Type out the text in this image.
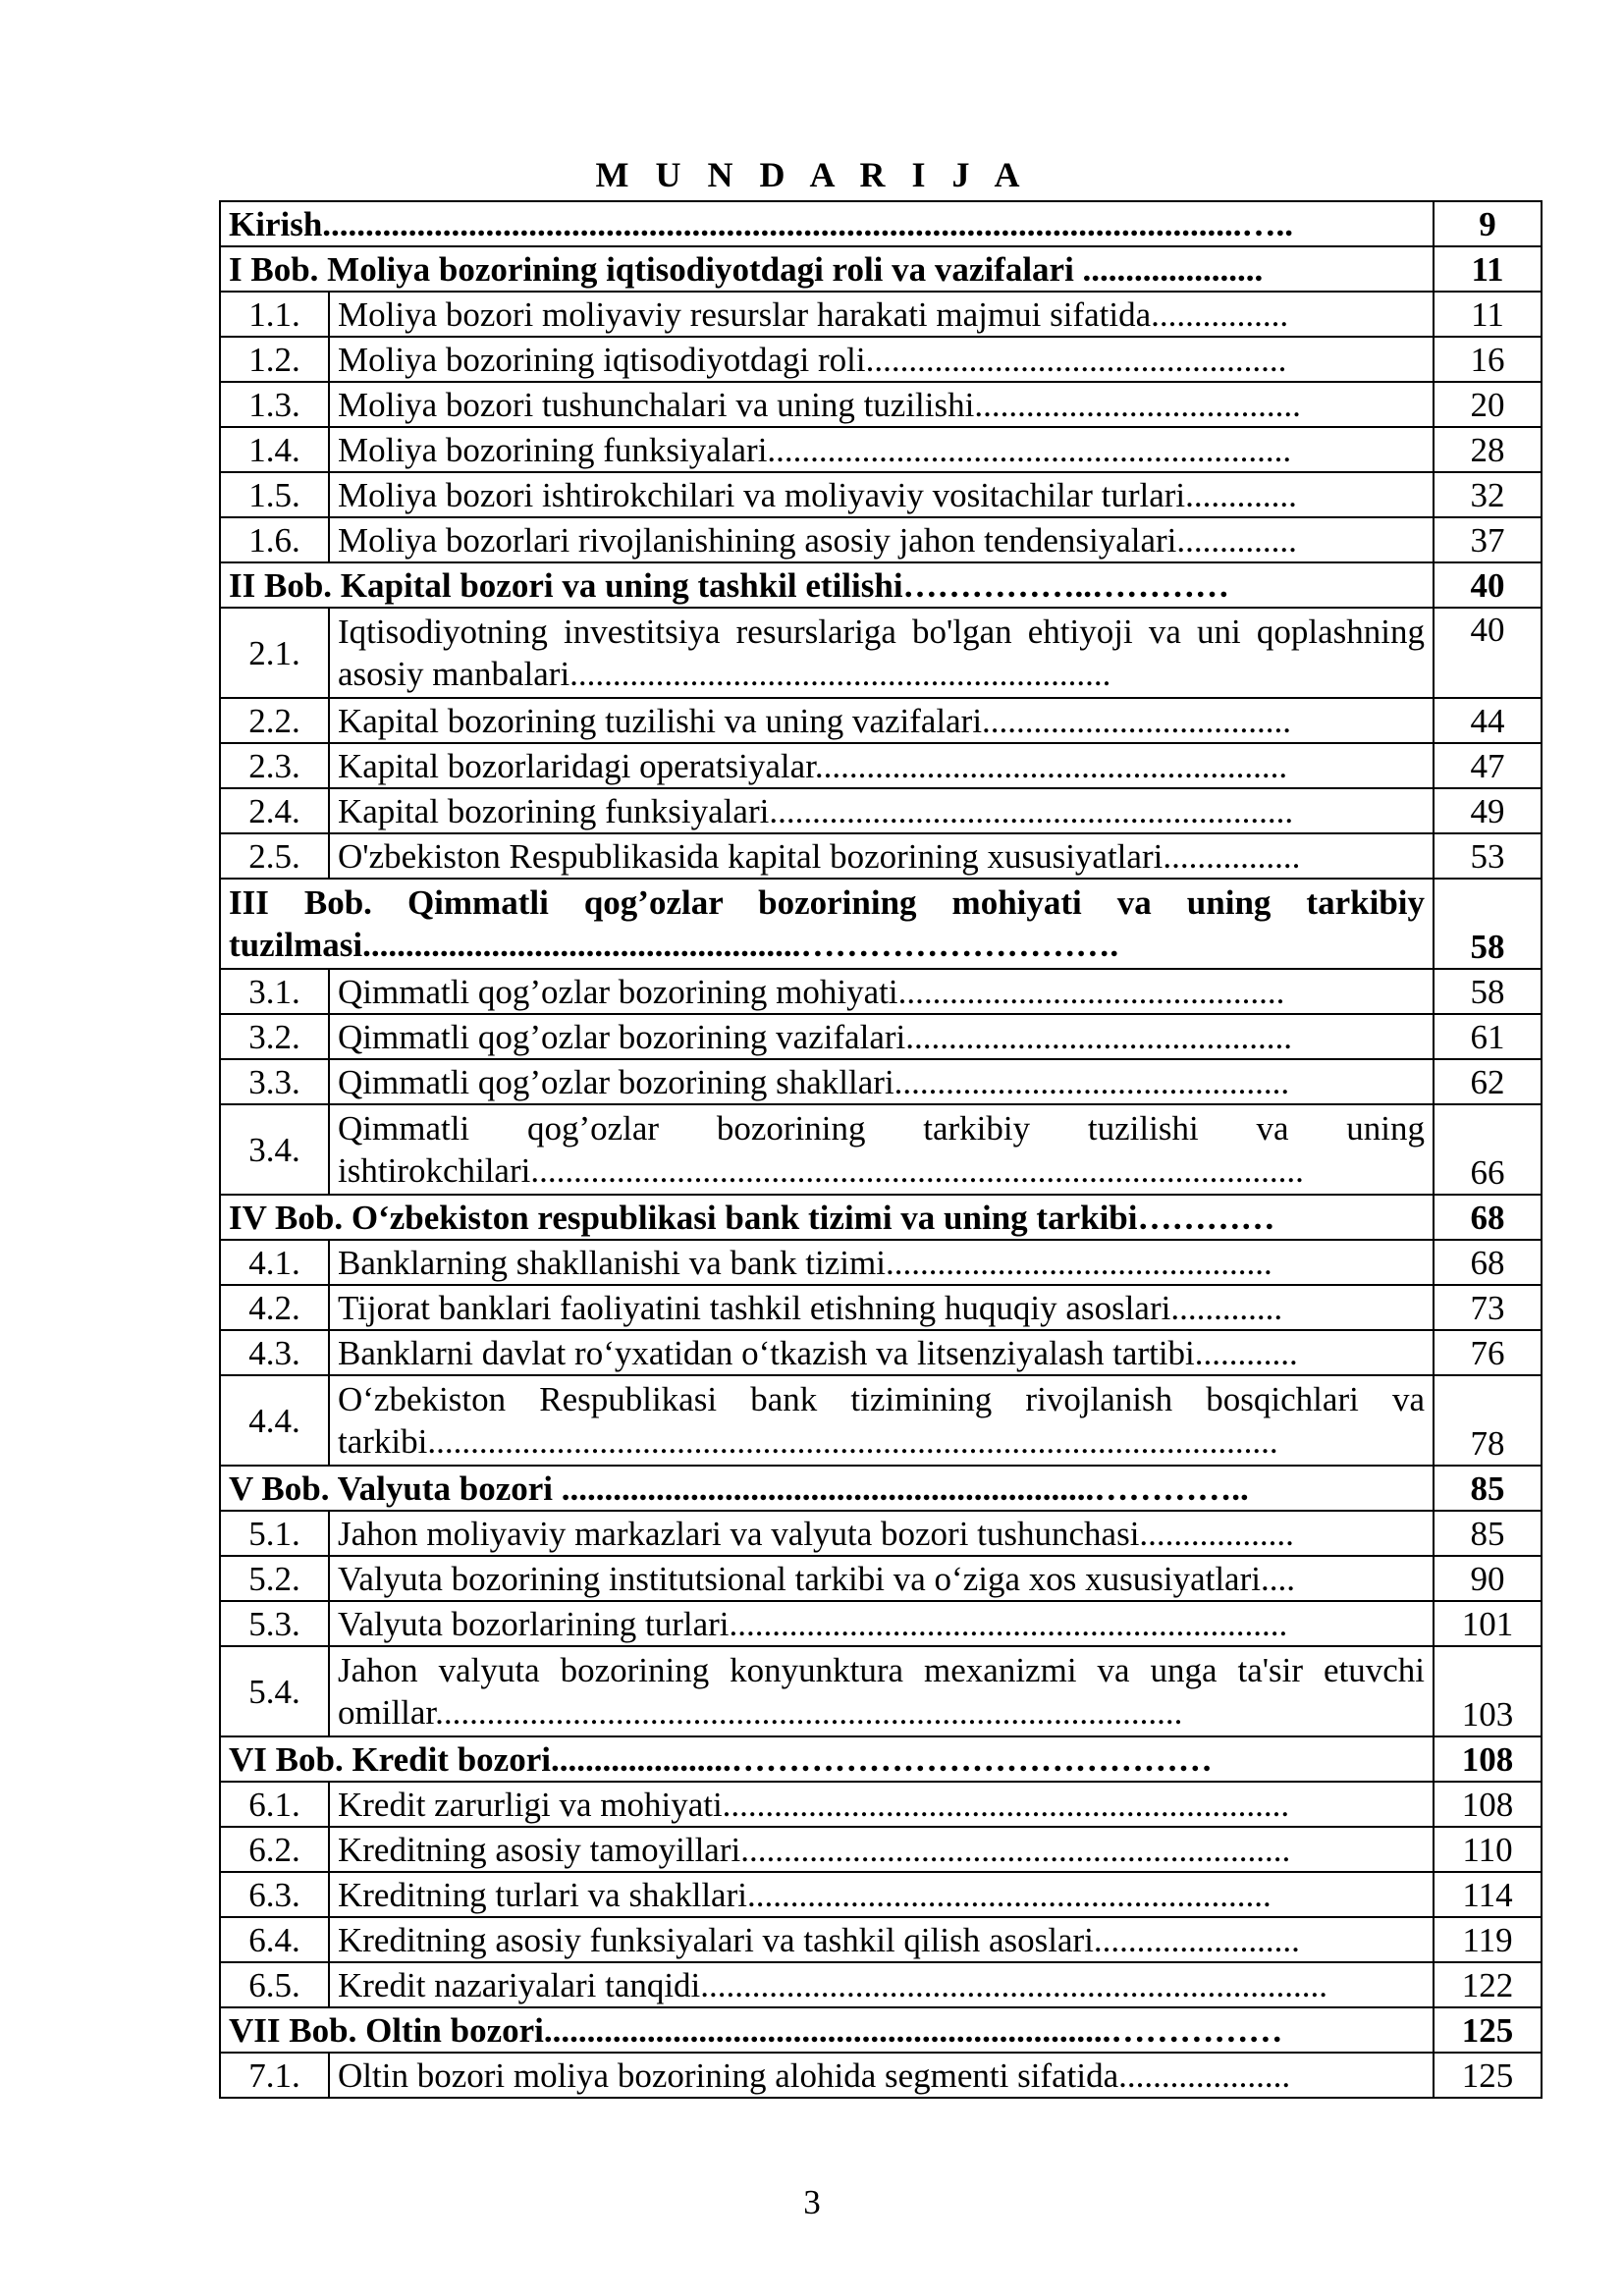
M U N D A R I J A
Kirish...........................................................................................................…..		9
I Bob. Moliya bozorining iqtisodiyotdagi roli va vazifalari .....................		11
1.1.	Moliya bozori moliyaviy resurslar harakati majmui sifatida................	11
1.2.	Moliya bozorining iqtisodiyotdagi roli.................................................	16
1.3.	Moliya bozori tushunchalari va uning tuzilishi......................................	20
1.4.	Moliya bozorining funksiyalari.............................................................	28
1.5.	Moliya bozori ishtirokchilari va moliyaviy vositachilar turlari.............	32
1.6.	Moliya bozorlari rivojlanishining asosiy jahon tendensiyalari..............	37
II Bob. Kapital bozori va uning tashkil etilishi……………..…………		40
2.1.	Iqtisodiyotning investitsiya resurslariga bo'lgan ehtiyoji va uni qoplashning asosiy manbalari...............................................................	40
2.2.	Kapital bozorining tuzilishi va uning vazifalari....................................	44
2.3.	Kapital bozorlaridagi operatsiyalar.......................................................	47
2.4.	Kapital bozorining funksiyalari.............................................................	49
2.5.	O'zbekiston Respublikasida kapital bozorining xususiyatlari................	53
III Bob. Qimmatli qog’ozlar bozorining mohiyati va uning tarkibiy tuzilmasi...................................................……………………….		58
3.1.	Qimmatli qog’ozlar bozorining mohiyati.............................................	58
3.2.	Qimmatli qog’ozlar bozorining vazifalari.............................................	61
3.3.	Qimmatli qog’ozlar bozorining shakllari..............................................	62
3.4.	Qimmatli qog’ozlar bozorining tarkibiy tuzilishi va uning ishtirokchilari..........................................................................................	66
IV Bob. O‘zbekiston respublikasi bank tizimi va uning tarkibi…………		68
4.1.	Banklarning shakllanishi va bank tizimi.............................................	68
4.2.	Tijorat banklari faoliyatini tashkil etishning huquqiy asoslari.............	73
4.3.	Banklarni davlat ro‘yxatidan o‘tkazish va litsenziyalash tartibi............	76
4.4.	O‘zbekiston Respublikasi bank tizimining rivojlanish bosqichlari va tarkibi...................................................................................................	78
V Bob. Valyuta bozori ..............................................................…………..		85
5.1.	Jahon moliyaviy markazlari va valyuta bozori tushunchasi..................	85
5.2.	Valyuta bozorining institutsional tarkibi va o‘ziga xos xususiyatlari....	90
5.3.	Valyuta bozorlarining turlari.................................................................	101
5.4.	Jahon valyuta bozorining konyunktura mexanizmi va unga ta'sir etuvchi omillar.......................................................................................	103
VI Bob. Kredit bozori.....................……………………………………		108
6.1.	Kredit zarurligi va mohiyati..................................................................	108
6.2.	Kreditning asosiy tamoyillari................................................................	110
6.3.	Kreditning turlari va shakllari.............................................................	114
6.4.	Kreditning asosiy funksiyalari va tashkil qilish asoslari........................	119
6.5.	Kredit nazariyalari tanqidi.........................................................................	122
VII Bob. Oltin bozori..................................................................……………		125
7.1.	Oltin bozori moliya bozorining alohida segmenti sifatida....................	125
3
